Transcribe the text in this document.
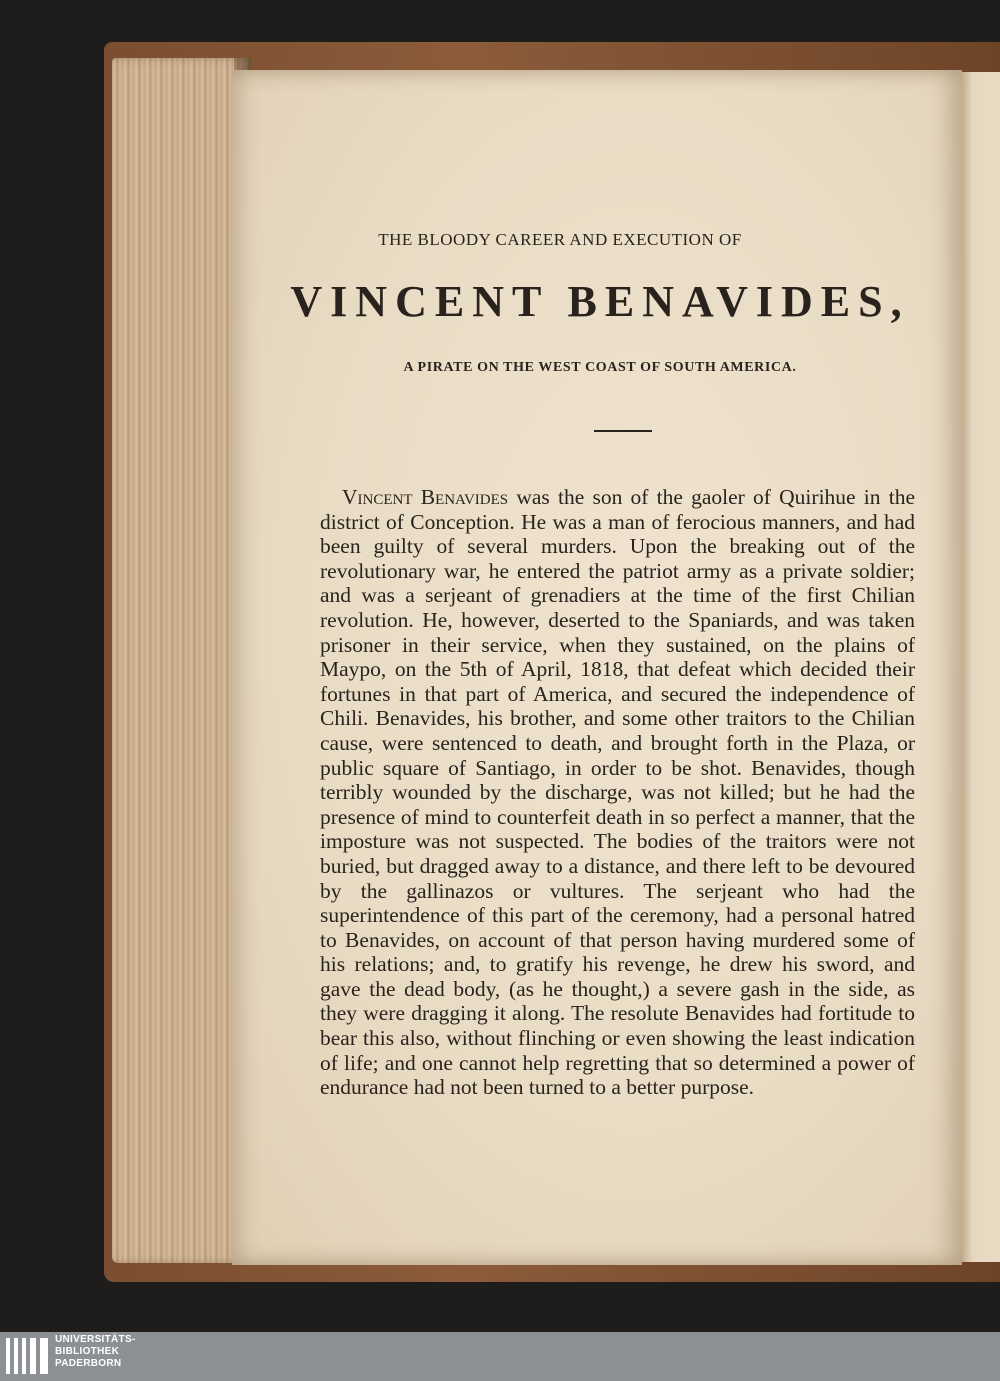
THE BLOODY CAREER AND EXECUTION OF
VINCENT BENAVIDES,
A PIRATE ON THE WEST COAST OF SOUTH AMERICA.
Vincent Benavides was the son of the gaoler of Quirihue in the district of Conception. He was a man of ferocious manners, and had been guilty of several murders. Upon the breaking out of the revolutionary war, he entered the patriot army as a private soldier; and was a serjeant of grenadiers at the time of the first Chilian revolution. He, however, deserted to the Spaniards, and was taken prisoner in their service, when they sustained, on the plains of Maypo, on the 5th of April, 1818, that defeat which decided their fortunes in that part of America, and secured the independence of Chili. Benavides, his brother, and some other traitors to the Chilian cause, were sentenced to death, and brought forth in the Plaza, or public square of Santiago, in order to be shot. Benavides, though terribly wounded by the discharge, was not killed; but he had the presence of mind to counterfeit death in so perfect a manner, that the imposture was not suspected. The bodies of the traitors were not buried, but dragged away to a distance, and there left to be devoured by the gallinazos or vultures. The serjeant who had the superintendence of this part of the ceremony, had a personal hatred to Benavides, on account of that person having murdered some of his relations; and, to gratify his revenge, he drew his sword, and gave the dead body, (as he thought,) a severe gash in the side, as they were dragging it along. The resolute Benavides had fortitude to bear this also, without flinching or even showing the least indication of life; and one cannot help regretting that so determined a power of endurance had not been turned to a better purpose.
UNIVERSITÄTS-
BIBLIOTHEK
PADERBORN
